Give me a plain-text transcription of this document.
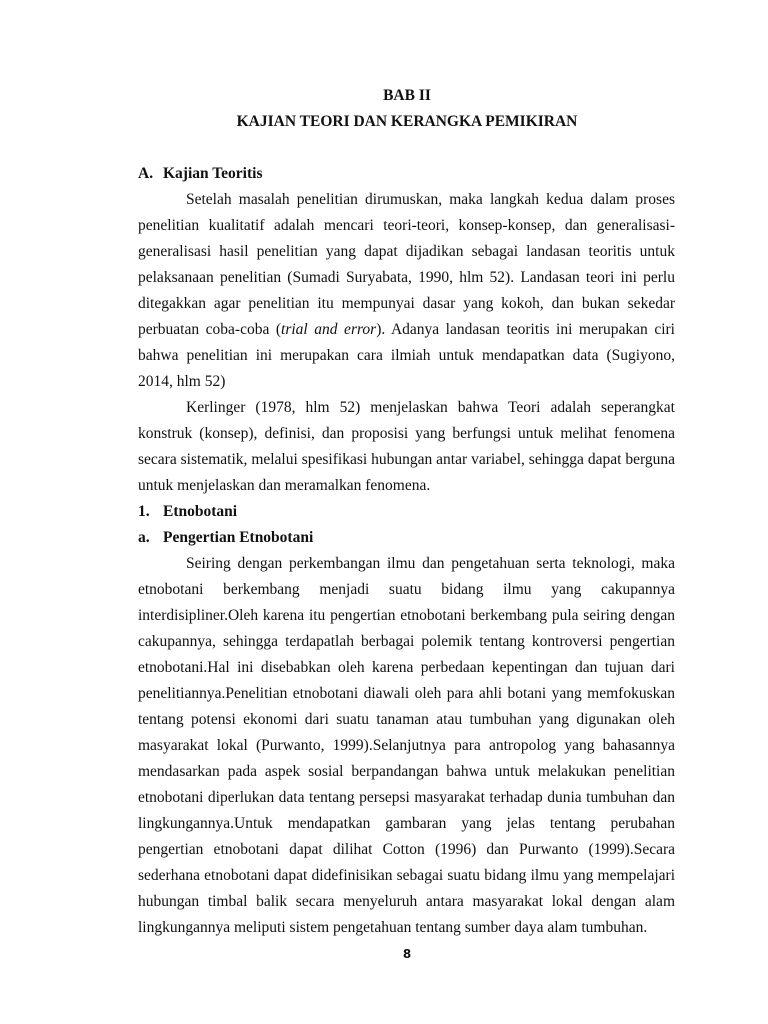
BAB II
KAJIAN TEORI DAN KERANGKA PEMIKIRAN
A. Kajian Teoritis
Setelah masalah penelitian dirumuskan, maka langkah kedua dalam proses
penelitian kualitatif adalah mencari teori-teori, konsep-konsep, dan generalisasi-
generalisasi hasil penelitian yang dapat dijadikan sebagai landasan teoritis untuk
pelaksanaan penelitian (Sumadi Suryabata, 1990, hlm 52). Landasan teori ini perlu
ditegakkan agar penelitian itu mempunyai dasar yang kokoh, dan bukan sekedar
perbuatan coba-coba (trial and error). Adanya landasan teoritis ini merupakan ciri
bahwa penelitian ini merupakan cara ilmiah untuk mendapatkan data (Sugiyono,
2014, hlm 52)
Kerlinger (1978, hlm 52) menjelaskan bahwa Teori adalah seperangkat
konstruk (konsep), definisi, dan proposisi yang berfungsi untuk melihat fenomena
secara sistematik, melalui spesifikasi hubungan antar variabel, sehingga dapat berguna
untuk menjelaskan dan meramalkan fenomena.
1. Etnobotani
a. Pengertian Etnobotani
Seiring dengan perkembangan ilmu dan pengetahuan serta teknologi, maka
etnobotani berkembang menjadi suatu bidang ilmu yang cakupannya
interdisipliner.Oleh karena itu pengertian etnobotani berkembang pula seiring dengan
cakupannya, sehingga terdapatlah berbagai polemik tentang kontroversi pengertian
etnobotani.Hal ini disebabkan oleh karena perbedaan kepentingan dan tujuan dari
penelitiannya.Penelitian etnobotani diawali oleh para ahli botani yang memfokuskan
tentang potensi ekonomi dari suatu tanaman atau tumbuhan yang digunakan oleh
masyarakat lokal (Purwanto, 1999).Selanjutnya para antropolog yang bahasannya
mendasarkan pada aspek sosial berpandangan bahwa untuk melakukan penelitian
etnobotani diperlukan data tentang persepsi masyarakat terhadap dunia tumbuhan dan
lingkungannya.Untuk mendapatkan gambaran yang jelas tentang perubahan
pengertian etnobotani dapat dilihat Cotton (1996) dan Purwanto (1999).Secara
sederhana etnobotani dapat didefinisikan sebagai suatu bidang ilmu yang mempelajari
hubungan timbal balik secara menyeluruh antara masyarakat lokal dengan alam
lingkungannya meliputi sistem pengetahuan tentang sumber daya alam tumbuhan.
8
